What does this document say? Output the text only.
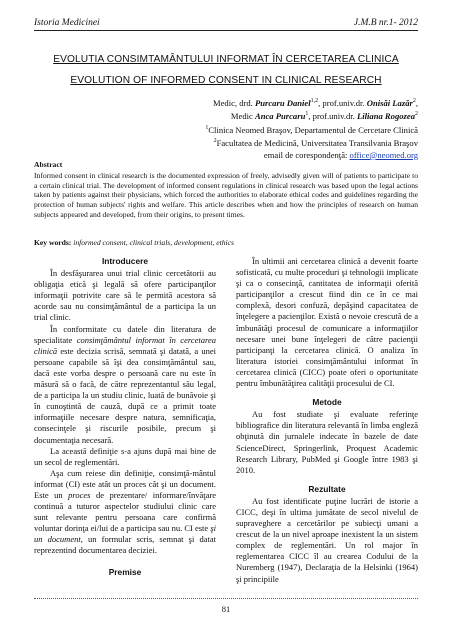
Istoria Medicinei	J.M.B nr.1- 2012
EVOLUTIA CONSIMTAMÂNTULUI INFORMAT ÎN CERCETAREA CLINICA
EVOLUTION OF INFORMED CONSENT IN CLINICAL RESEARCH
Medic, drd. Purcaru Daniel$^{1,2}$, prof.univ.dr. Onisăi Lazăr$^2$,
Medic Anca Purcaru$^1$, prof.univ.dr. Liliana Rogozea$^2$
$^1$Clinica Neomed Braşov, Departamentul de Cercetare Clinică
$^2$Facultatea de Medicină, Universitatea Transilvania Braşov
email de corespondenţă: office@neomed.org
Abstract
Informed consent in clinical research is the documented expression of freely, advisedly given will of patients to participate to a certain clinical trial. The development of informed consent regulations in clinical research was based upon the legal actions taken by patients against their physicians, which forced the authorities to elaborate ethical codes and guidelines regarding the protection of human subjects' rights and welfare. This article describes when and how the principles of research on human subjects appeared and developed, from their origins, to present times.
Key words: informed consent, clinical trials, development, ethics

Introducere

În desfăşurarea unui trial clinic cercetătorii au obligaţia etică şi legală să ofere participanţilor informaţii potrivite care să le permită acestora să acorde sau nu consimţământul de a participa la un trial clinic.

În conformitate cu datele din literatura de specialitate consimţământul informat în cercetarea clinică este decizia scrisă, semnată şi datată, a unei persoane capabile să îşi dea consimţământul sau, dacă este vorba despre o persoană care nu este în măsură să o facă, de către reprezentantul său legal, de a participa la un studiu clinic, luată de bunăvoie şi în cunoştintă de cauză, după ce a primit toate informaţiile necesare despre natura, semnificaţia, consecinţele şi riscurile posibile, precum şi documentaţia necesară.

La această definiţie s-a ajuns după mai bine de un secol de reglementări.

Aşa cum reiese din definiţie, consimţă-mântul informat (CI) este atât un proces cât şi un document. Este un proces de prezentare/ informare/învăţare continuă a tuturor aspectelor studiului clinic care sunt relevante pentru persoana care confirmă voluntar dorinţa ei/lui de a participa sau nu. CI este şi un document, un formular scris, semnat şi datat reprezentind documentarea deciziei.

Premise

În ultimii ani cercetarea clinică a devenit foarte sofisticată, cu multe proceduri şi tehnologii implicate şi ca o consecinţă, cantitatea de informaţii oferită participanţilor a crescut fiind din ce în ce mai complexă, desori confuză, depăşind capacitatea de înţelegere a pacienţilor. Există o nevoie crescută de a îmbunătăţi procesul de comunicare a informaţiilor necesare unei bune înţelegeri de către pacienţii participanţi la cercetarea clinică. O analiza în literatura istoriei consimţământului informat în cercetarea clinică (CICC) poate oferi o oportunitate pentru îmbunătăţirea calităţii procesului de CI.

Metode

Au fost studiate şi evaluate referinţe bibliografice din literatura relevantă în limba engleză obţinută din jurnalele indecate în bazele de date ScienceDirect, Springerlink, Proquest Academic Research Library, PubMed şi Google între 1983 şi 2010.

Rezultate

Au fost identificate puţine lucrări de istorie a CICC, deşi în ultima jumătate de secol nivelul de supraveghere a cercetărilor pe subiecţi umani a crescut de la un nivel aproape inexistent la un sistem complex de reglementări. Un rol major în reglementarea CICC îl au crearea Codului de la Nuremberg (1947), Declaraţia de la Helsinki (1964) şi principiile

81
